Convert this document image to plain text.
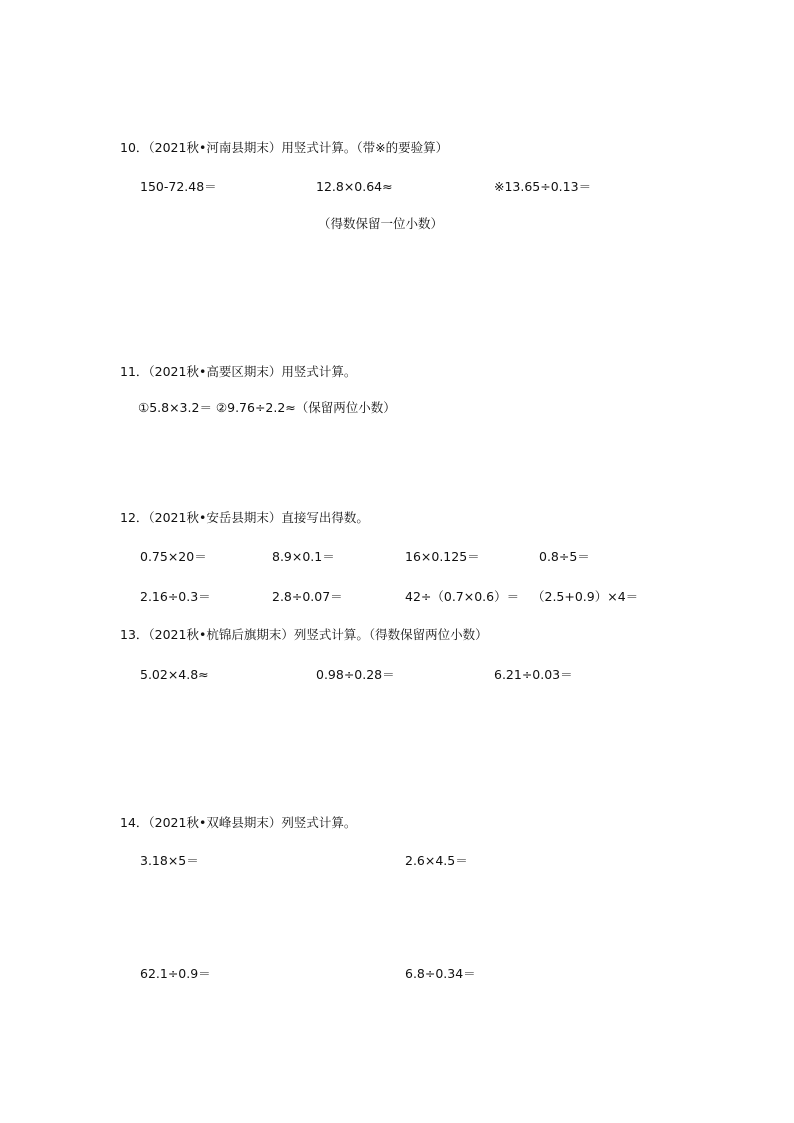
10．（2021秋•河南县期末）用竖式计算。（带※的要验算）
150-72.48＝	12.8×0.64≈	※13.65÷0.13＝
（得数保留一位小数）
11．（2021秋•高要区期末）用竖式计算。
①5.8×3.2＝ ②9.76÷2.2≈（保留两位小数）
12．（2021秋•安岳县期末）直接写出得数。
0.75×20＝	8.9×0.1＝	16×0.125＝	0.8÷5＝
2.16÷0.3＝	2.8÷0.07＝	42÷（0.7×0.6）＝ （2.5+0.9）×4＝
13．（2021秋•杭锦后旗期末）列竖式计算。（得数保留两位小数）
5.02×4.8≈	0.98÷0.28＝	6.21÷0.03＝
14．（2021秋•双峰县期末）列竖式计算。
3.18×5＝	2.6×4.5＝
62.1÷0.9＝	6.8÷0.34＝
